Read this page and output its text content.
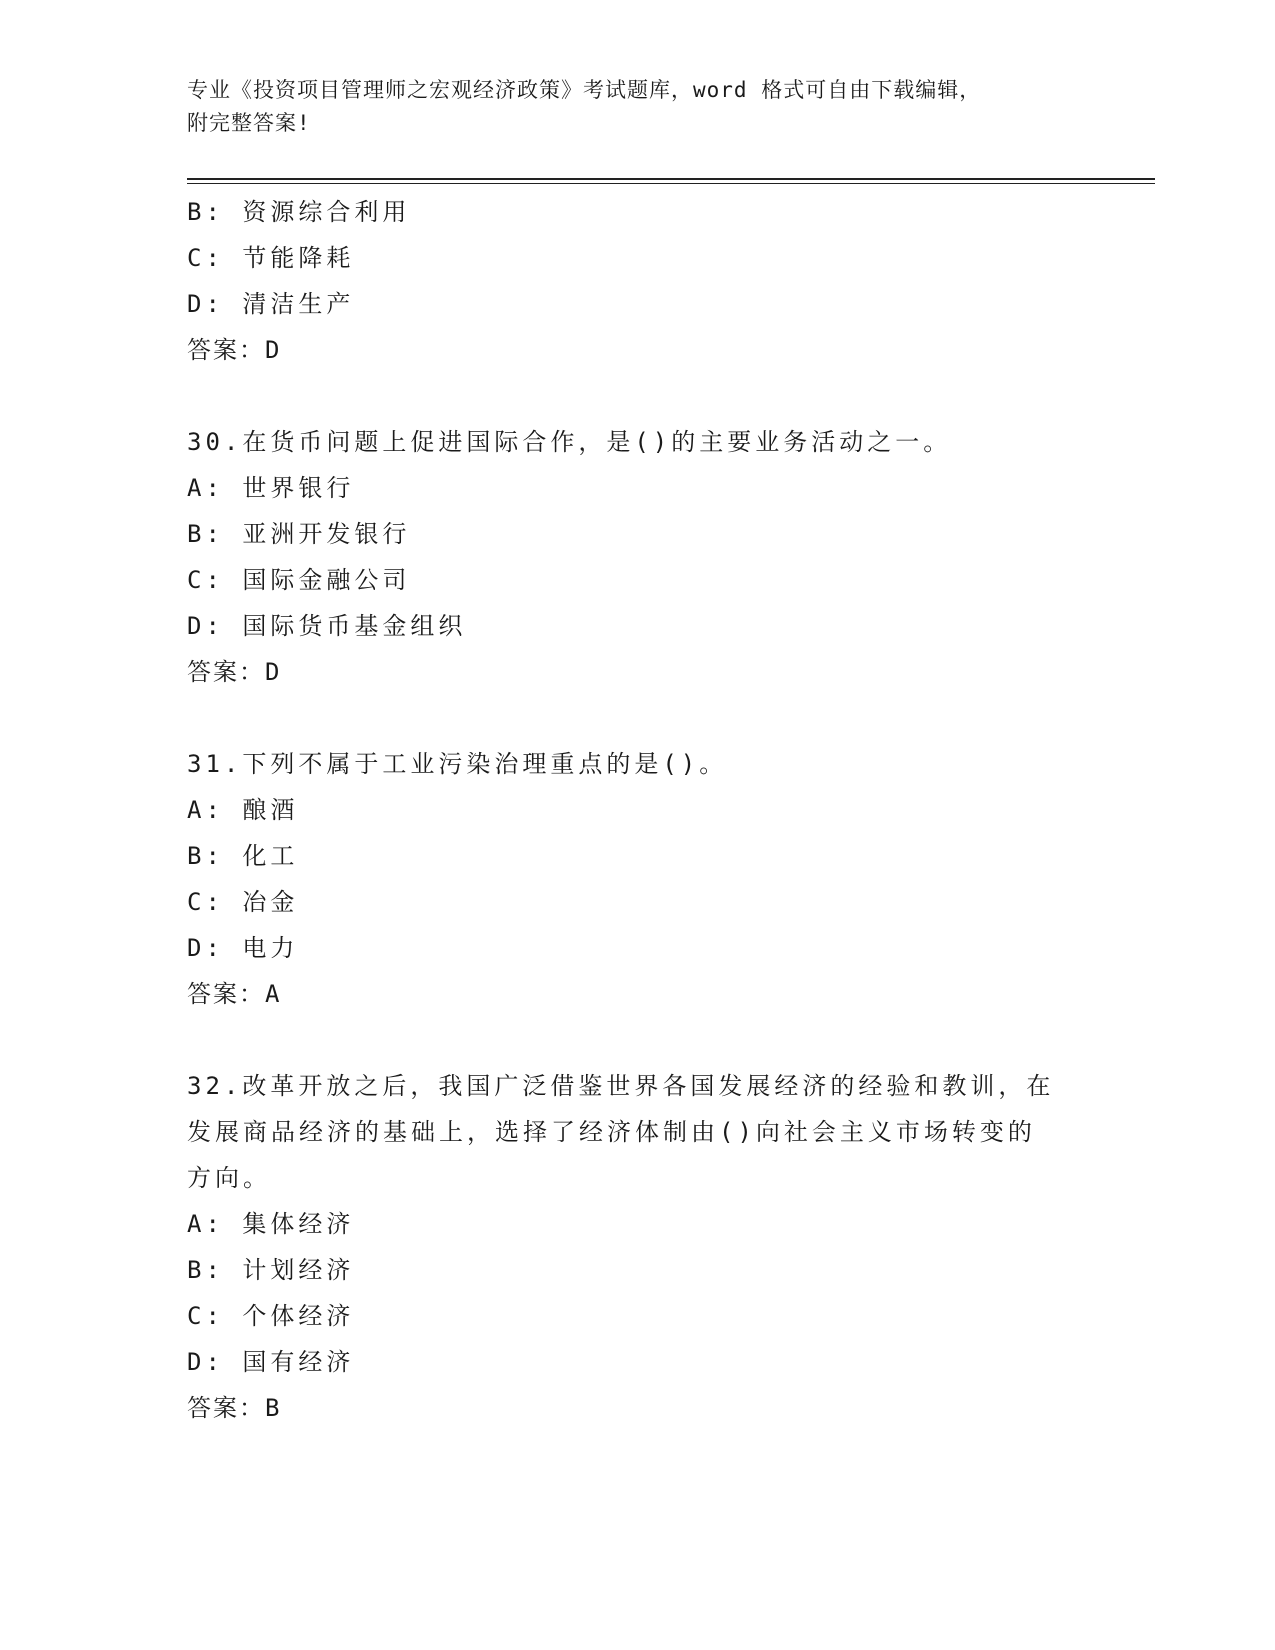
专业《投资项目管理师之宏观经济政策》考试题库，word 格式可自由下载编辑，
附完整答案!
B: 资源综合利用
C: 节能降耗
D: 清洁生产
答案：D
30.在货币问题上促进国际合作，是()的主要业务活动之一。
A: 世界银行
B: 亚洲开发银行
C: 国际金融公司
D: 国际货币基金组织
答案：D
31.下列不属于工业污染治理重点的是()。
A: 酿酒
B: 化工
C: 冶金
D: 电力
答案：A
32.改革开放之后，我国广泛借鉴世界各国发展经济的经验和教训，在
发展商品经济的基础上，选择了经济体制由()向社会主义市场转变的
方向。
A: 集体经济
B: 计划经济
C: 个体经济
D: 国有经济
答案：B
